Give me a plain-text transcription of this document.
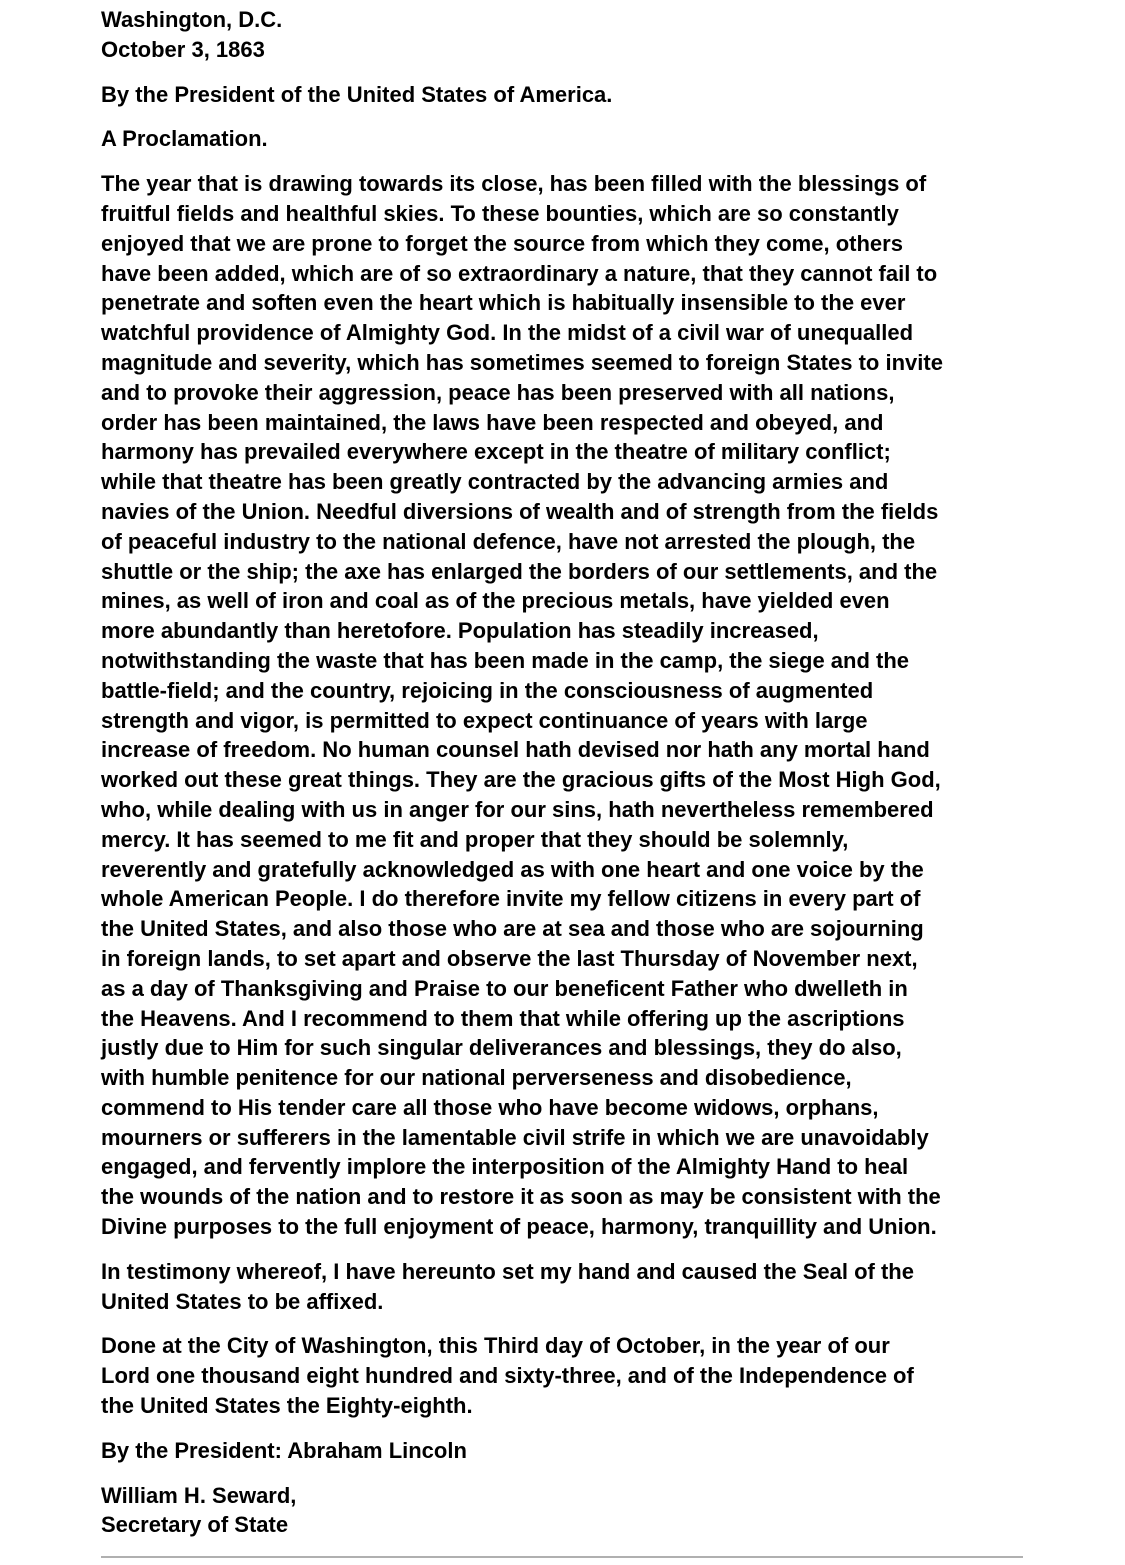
Washington, D.C.
October 3, 1863
By the President of the United States of America.
A Proclamation.
The year that is drawing towards its close, has been filled with the blessings of
fruitful fields and healthful skies. To these bounties, which are so constantly
enjoyed that we are prone to forget the source from which they come, others
have been added, which are of so extraordinary a nature, that they cannot fail to
penetrate and soften even the heart which is habitually insensible to the ever
watchful providence of Almighty God. In the midst of a civil war of unequalled
magnitude and severity, which has sometimes seemed to foreign States to invite
and to provoke their aggression, peace has been preserved with all nations,
order has been maintained, the laws have been respected and obeyed, and
harmony has prevailed everywhere except in the theatre of military conflict;
while that theatre has been greatly contracted by the advancing armies and
navies of the Union. Needful diversions of wealth and of strength from the fields
of peaceful industry to the national defence, have not arrested the plough, the
shuttle or the ship; the axe has enlarged the borders of our settlements, and the
mines, as well of iron and coal as of the precious metals, have yielded even
more abundantly than heretofore. Population has steadily increased,
notwithstanding the waste that has been made in the camp, the siege and the
battle-field; and the country, rejoicing in the consciousness of augmented
strength and vigor, is permitted to expect continuance of years with large
increase of freedom. No human counsel hath devised nor hath any mortal hand
worked out these great things. They are the gracious gifts of the Most High God,
who, while dealing with us in anger for our sins, hath nevertheless remembered
mercy. It has seemed to me fit and proper that they should be solemnly,
reverently and gratefully acknowledged as with one heart and one voice by the
whole American People. I do therefore invite my fellow citizens in every part of
the United States, and also those who are at sea and those who are sojourning
in foreign lands, to set apart and observe the last Thursday of November next,
as a day of Thanksgiving and Praise to our beneficent Father who dwelleth in
the Heavens. And I recommend to them that while offering up the ascriptions
justly due to Him for such singular deliverances and blessings, they do also,
with humble penitence for our national perverseness and disobedience,
commend to His tender care all those who have become widows, orphans,
mourners or sufferers in the lamentable civil strife in which we are unavoidably
engaged, and fervently implore the interposition of the Almighty Hand to heal
the wounds of the nation and to restore it as soon as may be consistent with the
Divine purposes to the full enjoyment of peace, harmony, tranquillity and Union.
In testimony whereof, I have hereunto set my hand and caused the Seal of the
United States to be affixed.
Done at the City of Washington, this Third day of October, in the year of our
Lord one thousand eight hundred and sixty-three, and of the Independence of
the United States the Eighty-eighth.
By the President: Abraham Lincoln
William H. Seward,
Secretary of State
